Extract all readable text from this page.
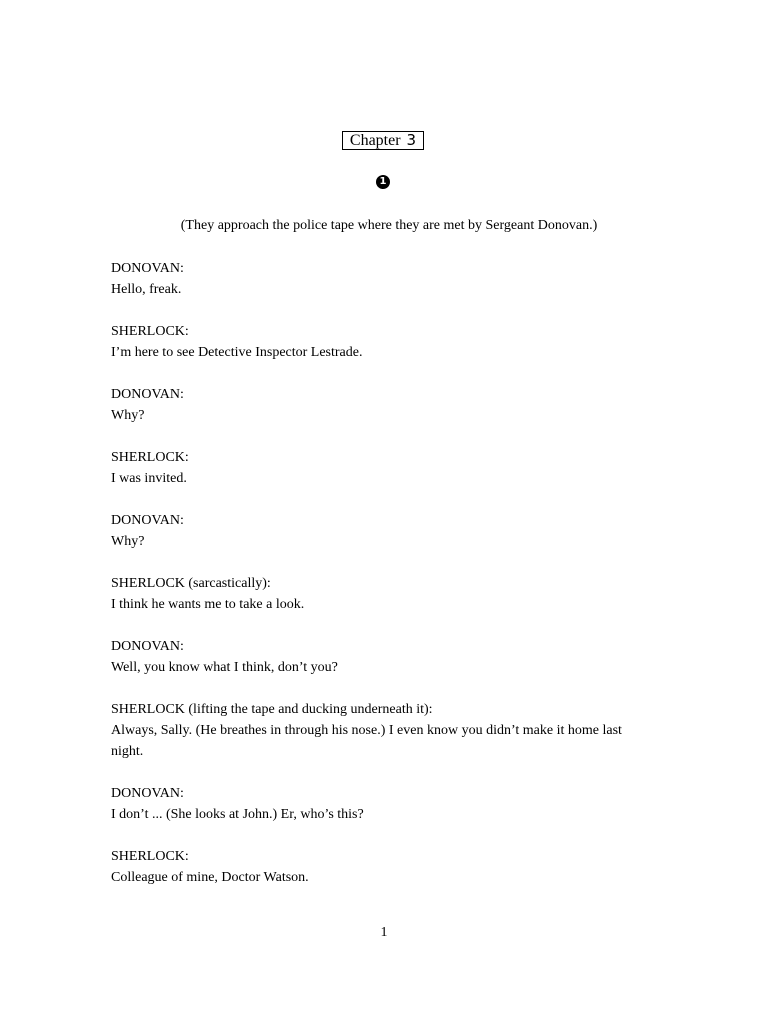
Chapter 3
1
(They approach the police tape where they are met by Sergeant Donovan.)
DONOVAN:
Hello, freak.
SHERLOCK:
I’m here to see Detective Inspector Lestrade.
DONOVAN:
Why?
SHERLOCK:
I was invited.
DONOVAN:
Why?
SHERLOCK (sarcastically):
I think he wants me to take a look.
DONOVAN:
Well, you know what I think, don’t you?
SHERLOCK (lifting the tape and ducking underneath it):
Always, Sally. (He breathes in through his nose.) I even know you didn’t make it home last night.
DONOVAN:
I don’t ... (She looks at John.) Er, who’s this?
SHERLOCK:
Colleague of mine, Doctor Watson.
1
